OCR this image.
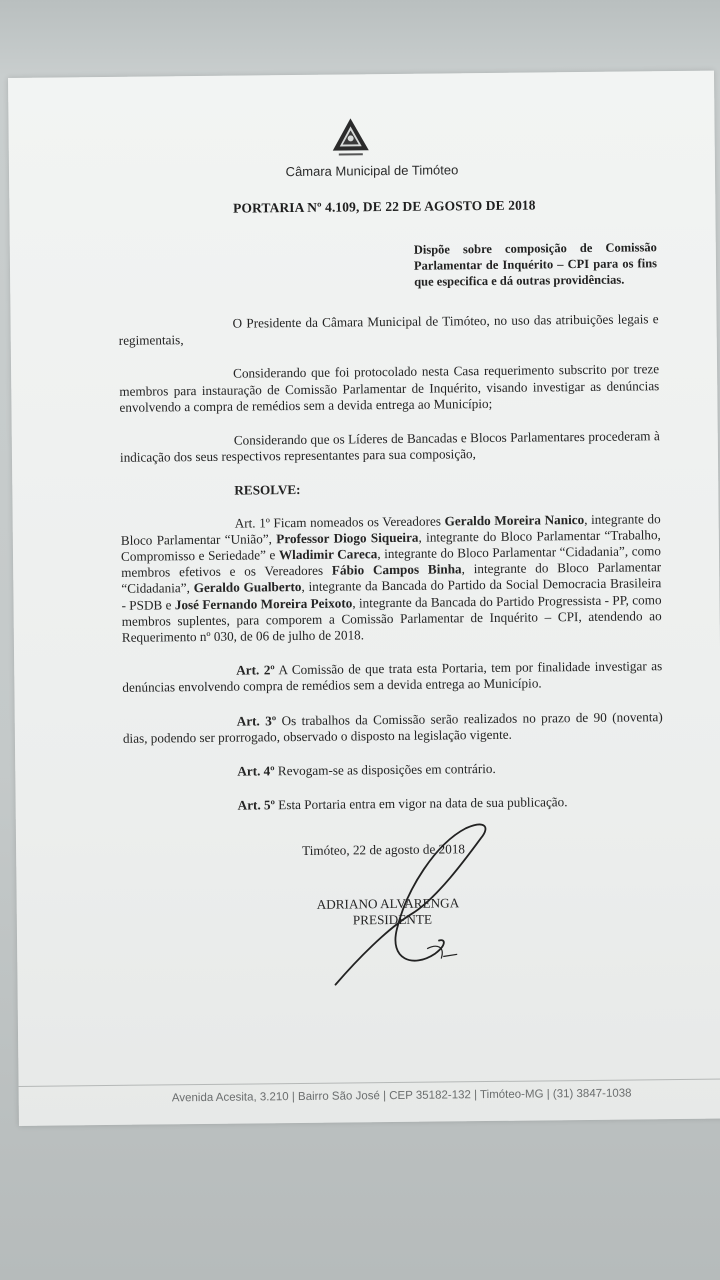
Câmara Municipal de Timóteo
PORTARIA Nº 4.109, DE 22 DE AGOSTO DE 2018
Dispõe sobre composição de Comissão Parlamentar de Inquérito – CPI para os fins que especifica e dá outras providências.

O Presidente da Câmara Municipal de Timóteo, no uso das atribuições legais e regimentais,

Considerando que foi protocolado nesta Casa requerimento subscrito por treze membros para instauração de Comissão Parlamentar de Inquérito, visando investigar as denúncias envolvendo a compra de remédios sem a devida entrega ao Município;

Considerando que os Líderes de Bancadas e Blocos Parlamentares procederam à indicação dos seus respectivos representantes para sua composição,

RESOLVE:

Art. 1º Ficam nomeados os Vereadores Geraldo Moreira Nanico, integrante do Bloco Parlamentar “União”, Professor Diogo Siqueira, integrante do Bloco Parlamentar “Trabalho, Compromisso e Seriedade” e Wladimir Careca, integrante do Bloco Parlamentar “Cidadania”, como membros efetivos e os Vereadores Fábio Campos Binha, integrante do Bloco Parlamentar “Cidadania”, Geraldo Gualberto, integrante da Bancada do Partido da Social Democracia Brasileira - PSDB e José Fernando Moreira Peixoto, integrante da Bancada do Partido Progressista - PP, como membros suplentes, para comporem a Comissão Parlamentar de Inquérito – CPI, atendendo ao Requerimento nº 030, de 06 de julho de 2018.

Art. 2º A Comissão de que trata esta Portaria, tem por finalidade investigar as denúncias envolvendo compra de remédios sem a devida entrega ao Município.

Art. 3º Os trabalhos da Comissão serão realizados no prazo de 90 (noventa) dias, podendo ser prorrogado, observado o disposto na legislação vigente.

Art. 4º Revogam-se as disposições em contrário.

Art. 5º Esta Portaria entra em vigor na data de sua publicação.

Timóteo, 22 de agosto de 2018
ADRIANO ALVARENGA
PRESIDENTE
Avenida Acesita, 3.210 | Bairro São José | CEP 35182-132 | Timóteo-MG | (31) 3847-1038
